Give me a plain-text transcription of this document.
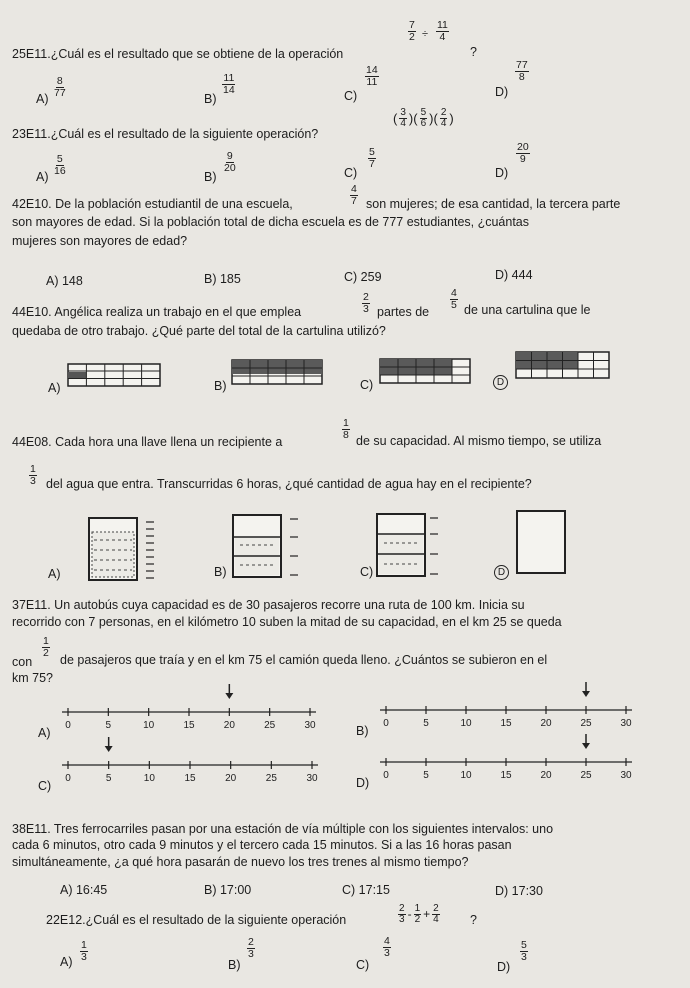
25E11.¿Cuál es el resultado que se obtiene de la operación
7
2 ÷
11
4
?
A)
8
77	B)
11
14	C)
14
11
D)
77
8
23E11.¿Cuál es el resultado de la siguiente operación?
( 3
4 )( 5
6 )( 2
4 )
A)
5
16	B)
9
20	C)
5
7
D)
20
9
42E10. De la población estudiantil de una escuela,
4
7 son mujeres; de esa cantidad, la tercera parte
son mayores de edad. Si la población total de dicha escuela es de 777 estudiantes, ¿cuántas
mujeres son mayores de edad?
A) 148	B) 185	C) 259	D) 444
44E10. Angélica realiza un trabajo en el que emplea
2
3 partes de
4
5 de una cartulina que le
quedaba de otro trabajo. ¿Qué parte del total de la cartulina utilizó?
A)	B)	C)	D
44E08. Cada hora una llave llena un recipiente a
1
8 de su capacidad. Al mismo tiempo, se utiliza
1
3 del agua que entra. Transcurridas 6 horas, ¿qué cantidad de agua hay en el recipiente?
A)	B)	C)	D
37E11. Un autobús cuya capacidad es de 30 pasajeros recorre una ruta de 100 km. Inicia su
recorrido con 7 personas, en el kilómetro 10 suben la mitad de su capacidad, en el km 25 se queda
con
1
2 de pasajeros que traía y en el km 75 el camión queda lleno. ¿Cuántos se subieron en el
km 75?
A)
0	5	10	15	20	25	30	B)
0	5	10	15	20	25	30
C)
0	5	10	15	20	25	30	D)
0	5	10	15	20	25	30
38E11. Tres ferrocarriles pasan por una estación de vía múltiple con los siguientes intervalos: uno
cada 6 minutos, otro cada 9 minutos y el tercero cada 15 minutos. Si a las 16 horas pasan
simultáneamente, ¿a qué hora pasarán de nuevo los tres trenes al mismo tiempo?
A) 16:45	B) 17:00	C) 17:15	D) 17:30
22E12.¿Cuál es el resultado de la siguiente operación
2
3 - 1
$2 + \frac{2}{4}$ ?
A)
1
3
B)
2
3
C)
4
3
D)
5
3
